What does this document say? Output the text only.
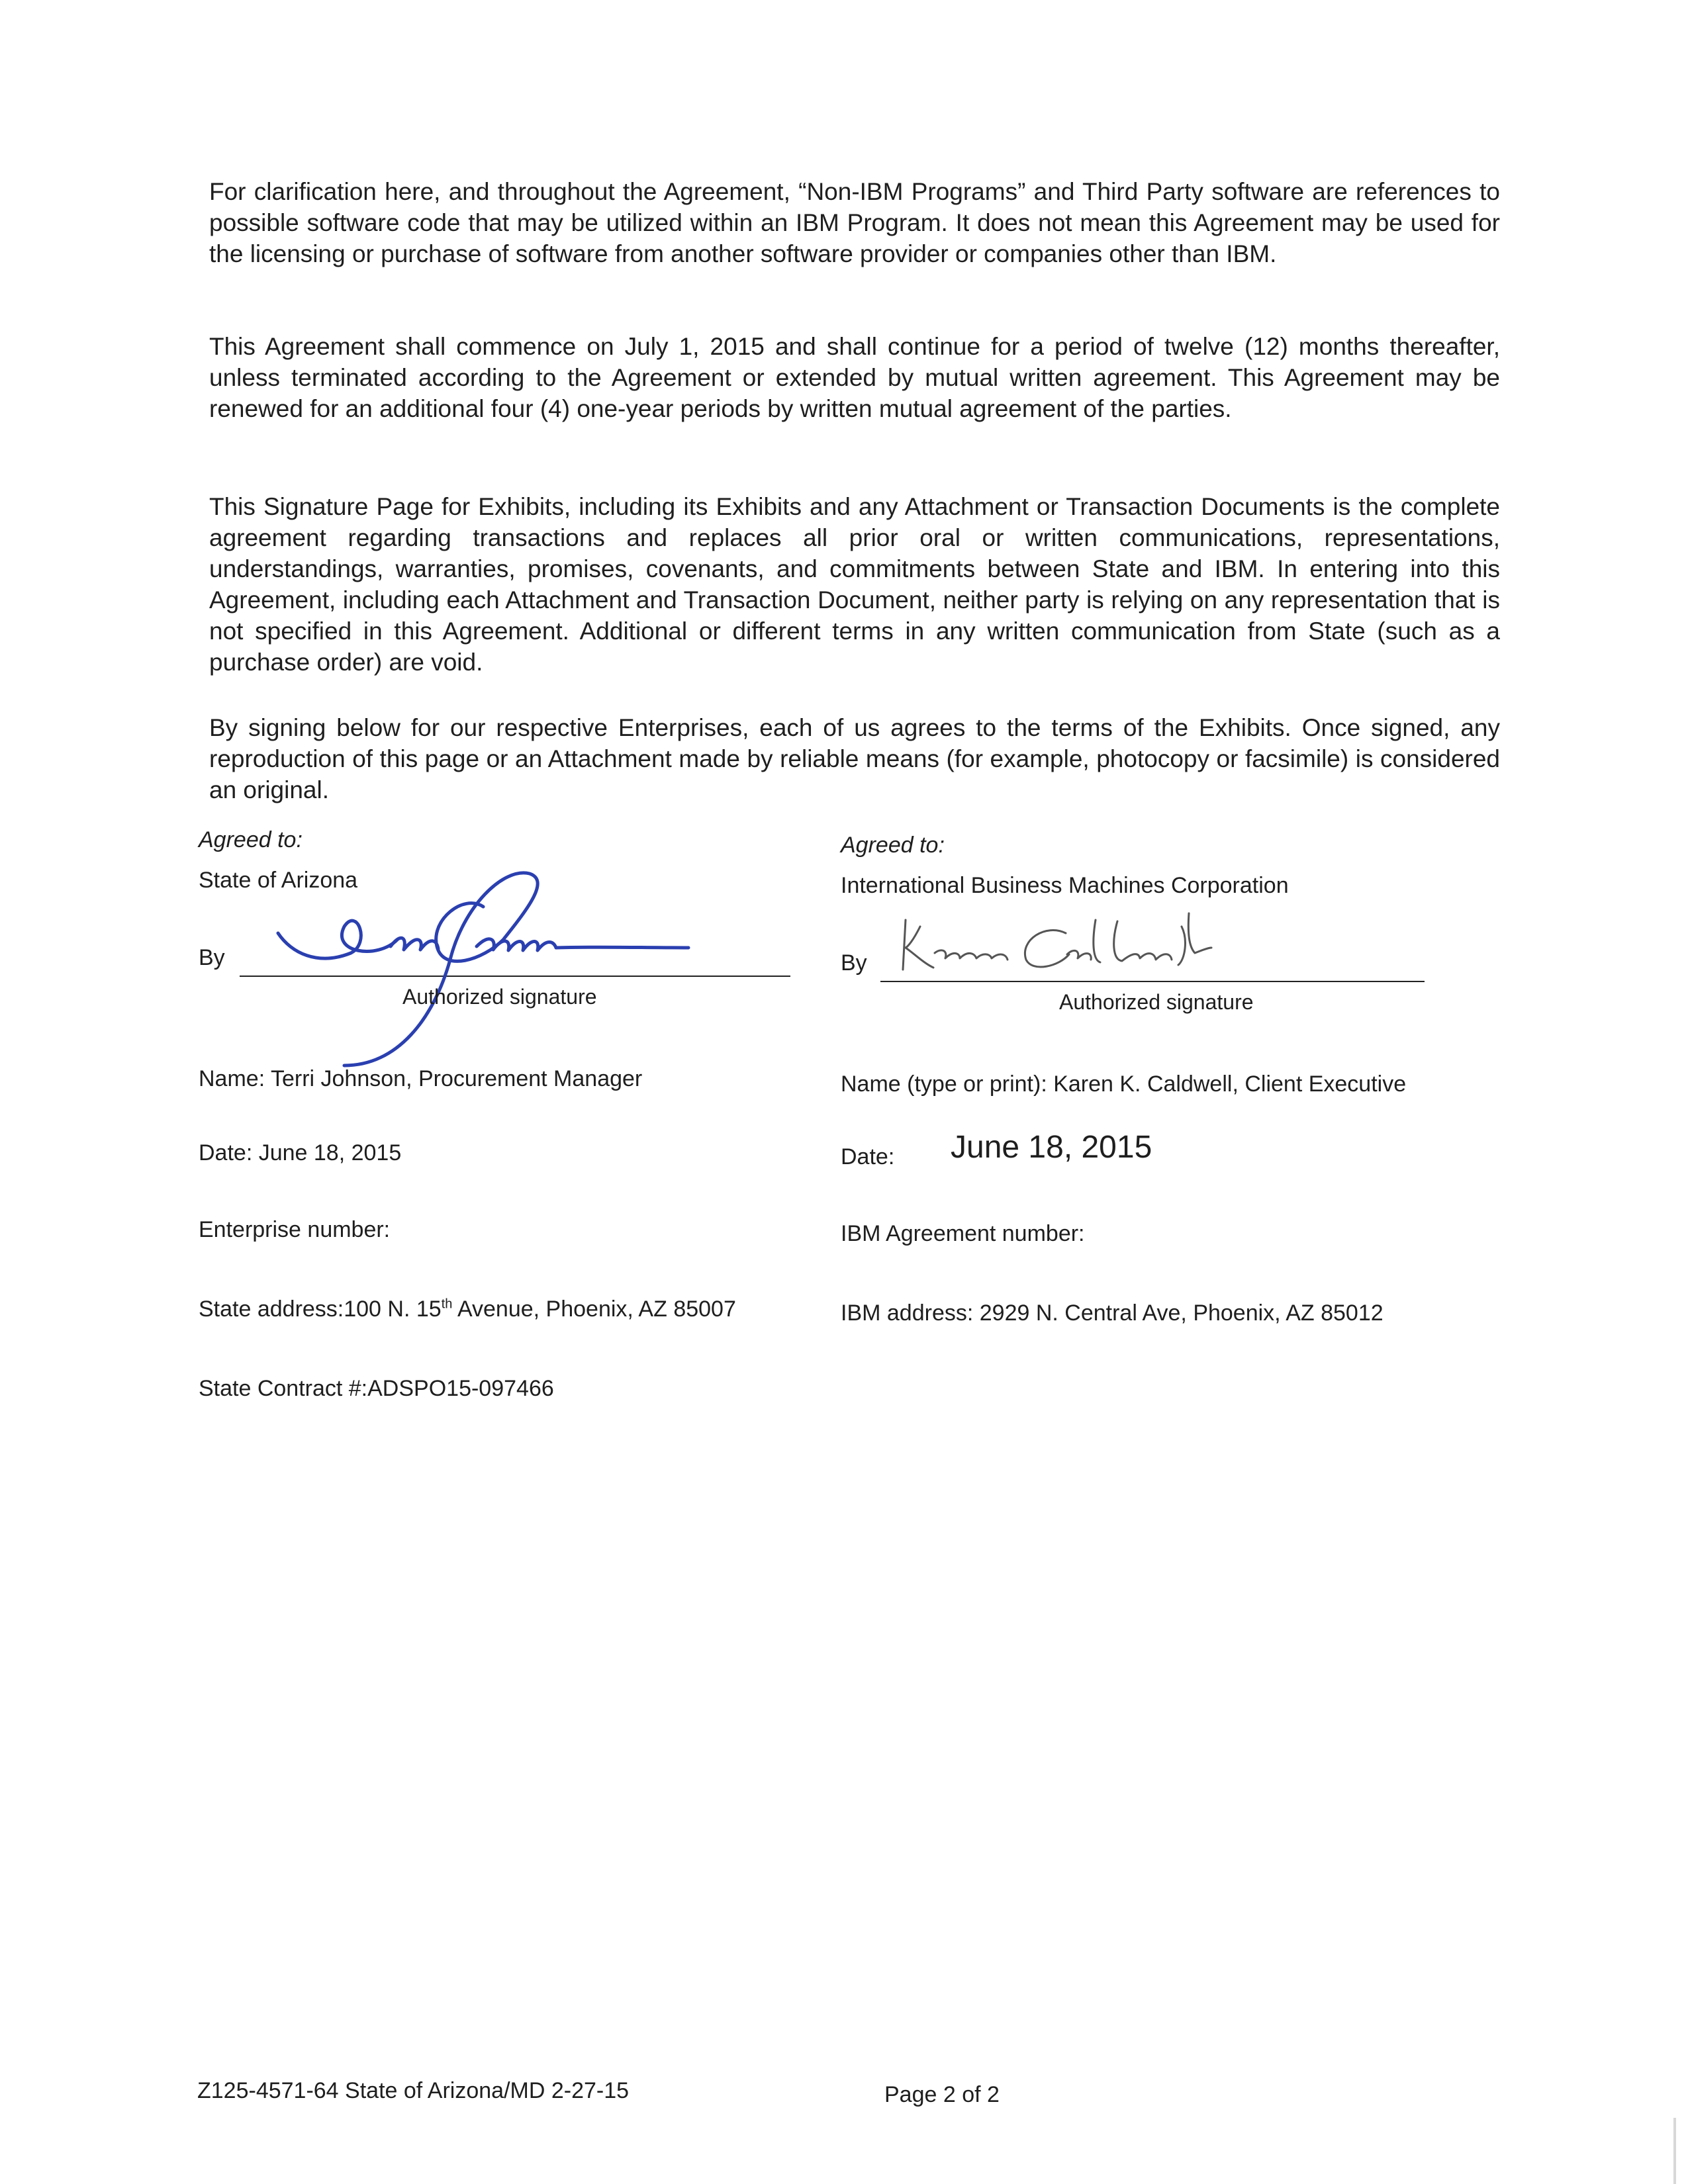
For clarification here, and throughout the Agreement, “Non-IBM Programs” and Third Party software are references to possible software code that may be utilized within an IBM Program. It does not mean this Agreement may be used for the licensing or purchase of software from another software provider or companies other than IBM.

This Agreement shall commence on July 1, 2015 and shall continue for a period of twelve (12) months thereafter, unless terminated according to the Agreement or extended by mutual written agreement. This Agreement may be renewed for an additional four (4) one-year periods by written mutual agreement of the parties.

This Signature Page for Exhibits, including its Exhibits and any Attachment or Transaction Documents is the complete agreement regarding transactions and replaces all prior oral or written communications, representations, understandings, warranties, promises, covenants, and commitments between State and IBM. In entering into this Agreement, including each Attachment and Transaction Document, neither party is relying on any representation that is not specified in this Agreement. Additional or different terms in any written communication from State (such as a purchase order) are void.

By signing below for our respective Enterprises, each of us agrees to the terms of the Exhibits. Once signed, any reproduction of this page or an Attachment made by reliable means (for example, photocopy or facsimile) is considered an original.

Agreed to:
State of Arizona
By
Authorized signature
Name: Terri Johnson, Procurement Manager
Date: June 18, 2015
Enterprise number:
State address:100 N. 15th Avenue, Phoenix, AZ 85007
State Contract #:ADSPO15-097466
Agreed to:
International Business Machines Corporation
By
Authorized signature
Name (type or print): Karen K. Caldwell, Client Executive
Date: June 18, 2015
IBM Agreement number:
IBM address: 2929 N. Central Ave, Phoenix, AZ 85012
Z125-4571-64 State of Arizona/MD 2-27-15	Page 2 of 2
